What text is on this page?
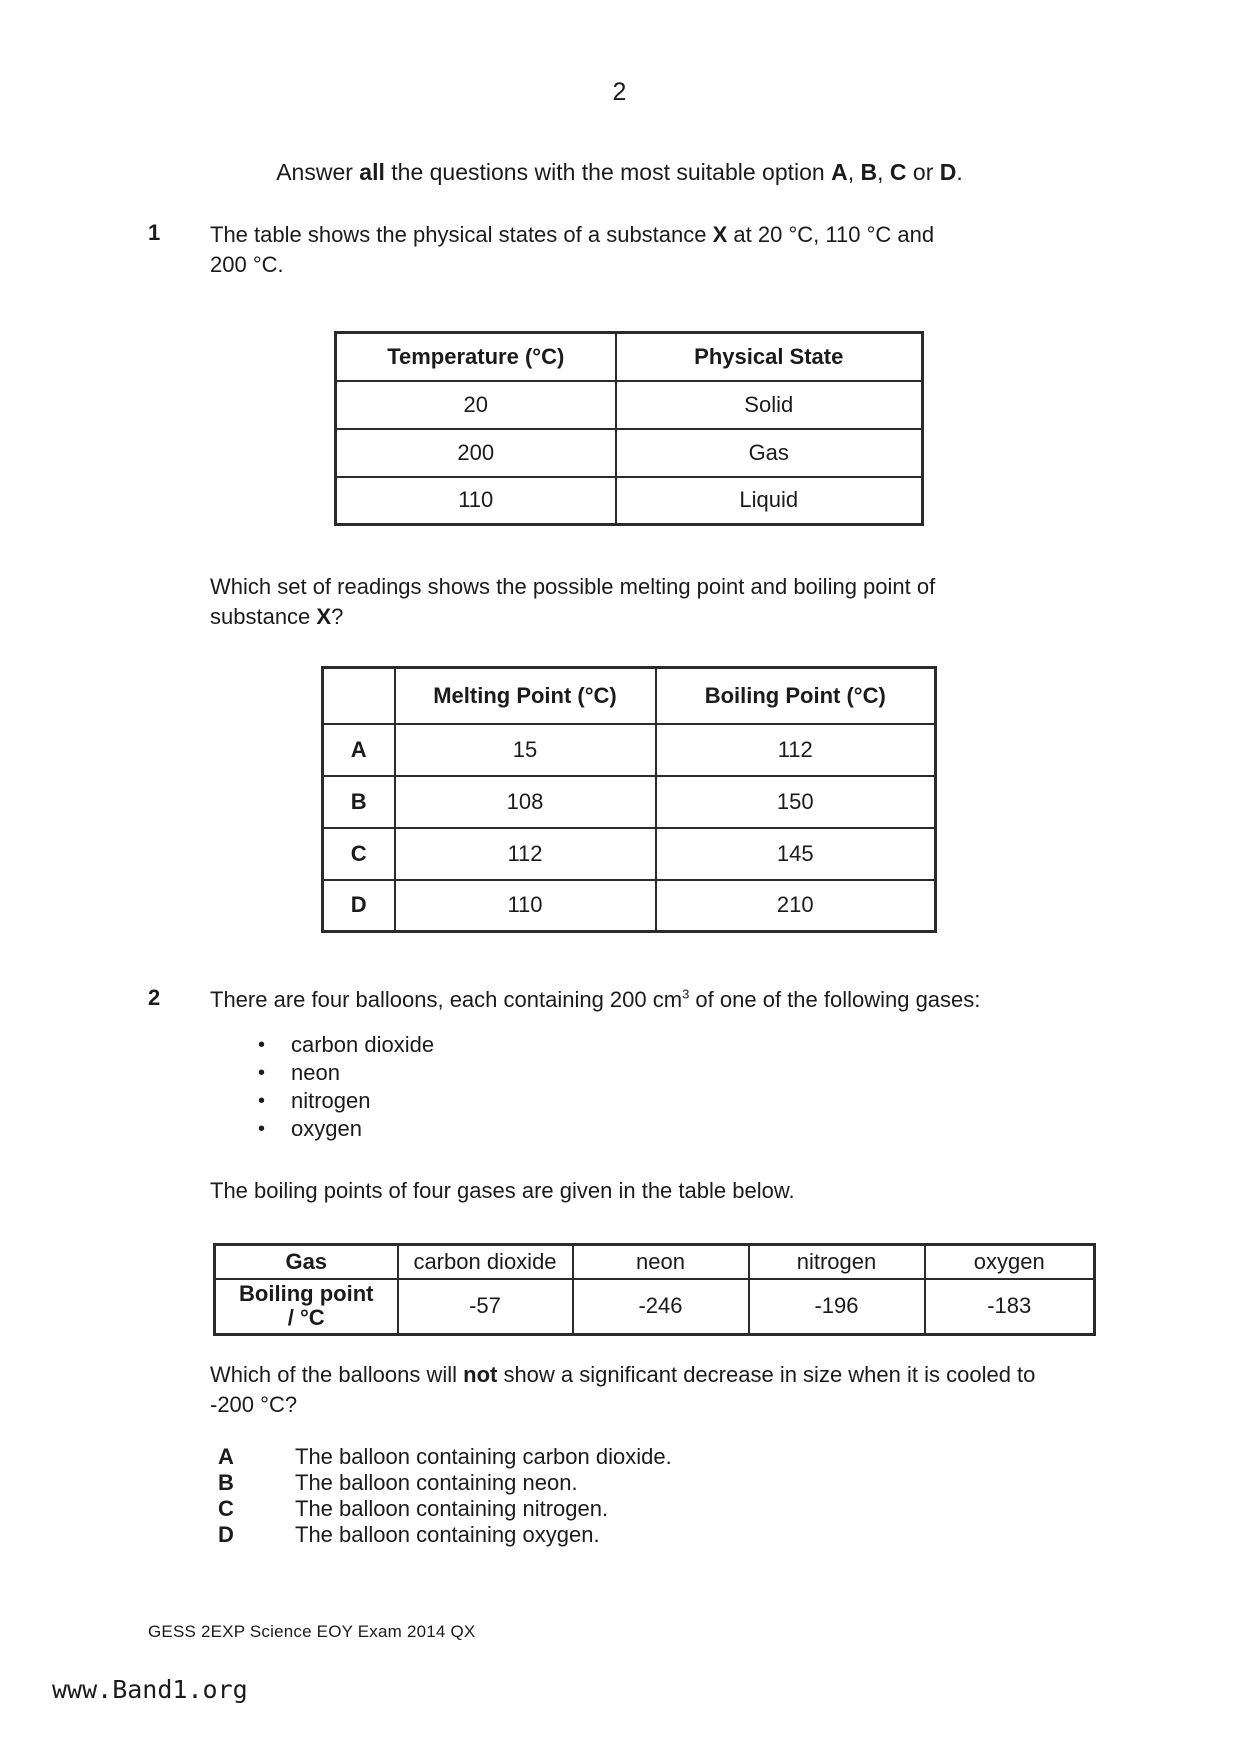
2
Answer all the questions with the most suitable option A, B, C or D.
1 The table shows the physical states of a substance X at 20 °C, 110 °C and
200 °C.
Temperature (°C)	Physical State
20	Solid
200	Gas
110	Liquid
Which set of readings shows the possible melting point and boiling point of
substance X?
	Melting Point (°C)	Boiling Point (°C)
A	15	112
B	108	150
C	112	145
D	110	210
2 There are four balloons, each containing 200 $cm^3$ of one of the following gases:
• carbon dioxide
• neon
• nitrogen
• oxygen
The boiling points of four gases are given in the table below.
Gas	carbon dioxide	neon	nitrogen	oxygen
Boiling point
/ °C	-57	-246	-196	-183
Which of the balloons will not show a significant decrease in size when it is cooled to
-200 °C?
A	The balloon containing carbon dioxide.
B	The balloon containing neon.
C	The balloon containing nitrogen.
D	The balloon containing oxygen.
GESS 2EXP Science EOY Exam 2014 QX
www.Band1.org
